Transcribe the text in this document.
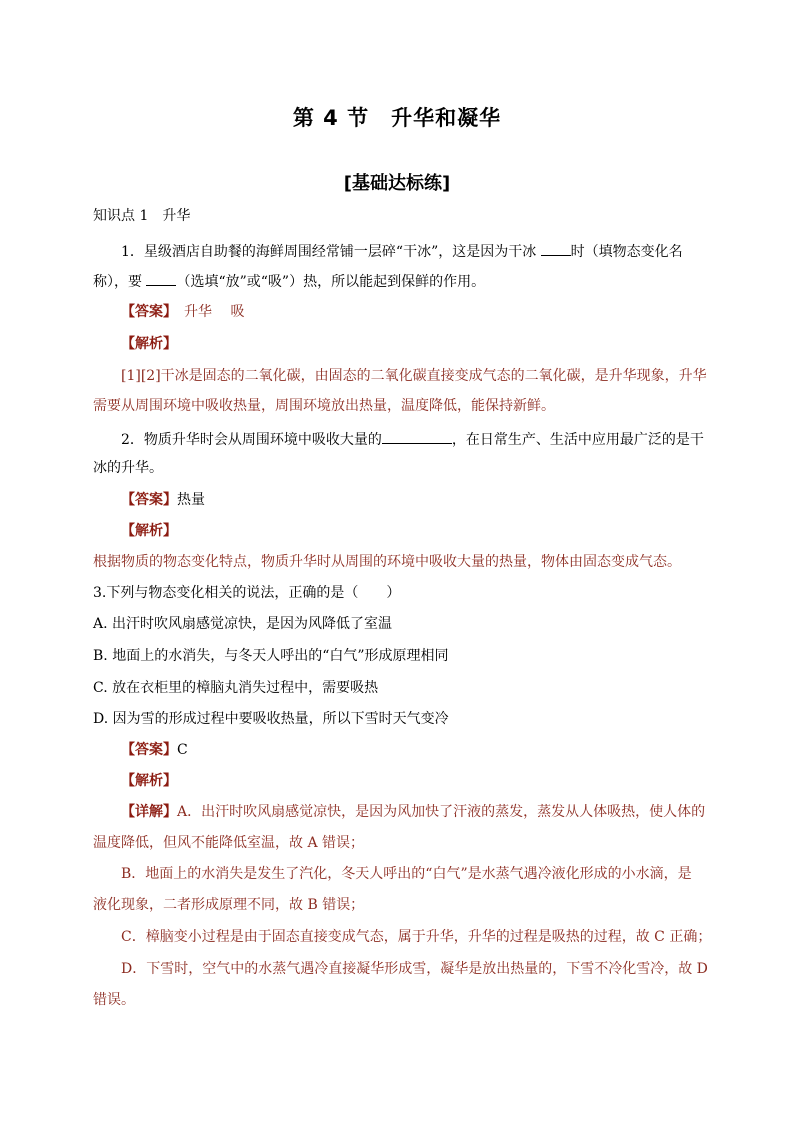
第 4 节　升华和凝华
[基础达标练]
知识点 1　升华
1．星级酒店自助餐的海鲜周围经常铺一层碎“干冰”，这是因为干冰 时（填物态变化名
称），要 （选填“放”或“吸”）热，所以能起到保鲜的作用。
【答案】　升华　 吸
【解析】
[1][2]干冰是固态的二氧化碳，由固态的二氧化碳直接变成气态的二氧化碳，是升华现象，升华
需要从周围环境中吸收热量，周围环境放出热量，温度降低，能保持新鲜。
2．物质升华时会从周围环境中吸收大量的	，在日常生产、生活中应用最广泛的是干
冰的升华。
【答案】热量
【解析】
根据物质的物态变化特点，物质升华时从周围的环境中吸收大量的热量，物体由固态变成气态。
3.下列与物态变化相关的说法，正确的是（　　）
A. 出汗时吹风扇感觉凉快，是因为风降低了室温
B. 地面上的水消失，与冬天人呼出的“白气”形成原理相同
C. 放在衣柜里的樟脑丸消失过程中，需要吸热
D. 因为雪的形成过程中要吸收热量，所以下雪时天气变冷
【答案】C
【解析】
【详解】A．出汗时吹风扇感觉凉快，是因为风加快了汗液的蒸发，蒸发从人体吸热，使人体的
温度降低，但风不能降低室温，故 A 错误；
B．地面上的水消失是发生了汽化，冬天人呼出的“白气”是水蒸气遇冷液化形成的小水滴，是
液化现象，二者形成原理不同，故 B 错误；
C．樟脑变小过程是由于固态直接变成气态，属于升华，升华的过程是吸热的过程，故 C 正确；
D．下雪时，空气中的水蒸气遇冷直接凝华形成雪，凝华是放出热量的，下雪不冷化雪冷，故 D
错误。
